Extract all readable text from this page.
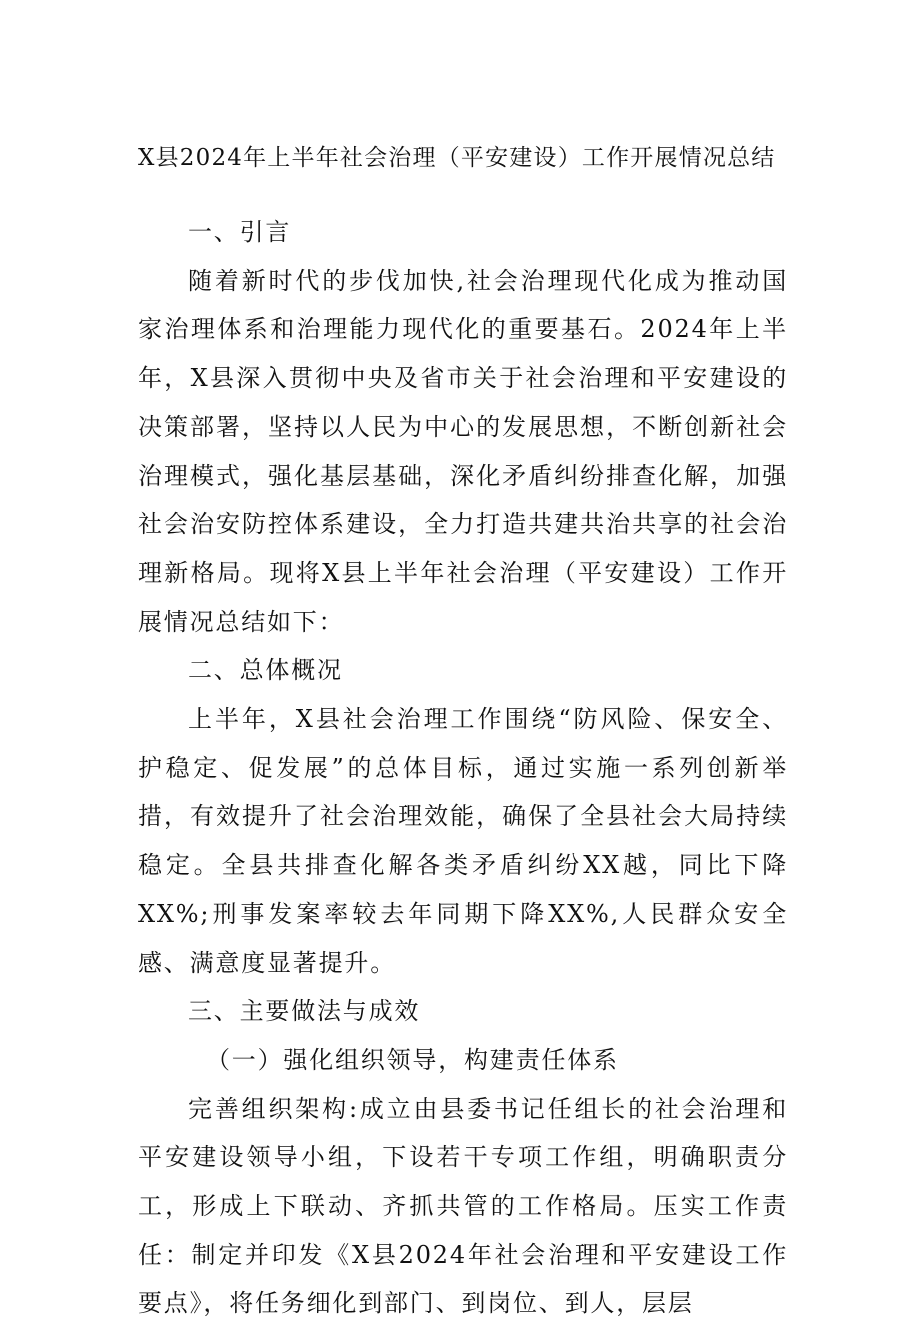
X县2024年上半年社会治理（平安建设）工作开展情况总结

一、引言

随着新时代的步伐加快,社会治理现代化成为推动国家治理体系和治理能力现代化的重要基石。2024年上半年，X县深入贯彻中央及省市关于社会治理和平安建设的决策部署，坚持以人民为中心的发展思想，不断创新社会治理模式，强化基层基础，深化矛盾纠纷排查化解，加强社会治安防控体系建设，全力打造共建共治共享的社会治理新格局。现将X县上半年社会治理（平安建设）工作开展情况总结如下：

二、总体概况

上半年，X县社会治理工作围绕“防风险、保安全、护稳定、促发展”的总体目标，通过实施一系列创新举措，有效提升了社会治理效能，确保了全县社会大局持续稳定。全县共排查化解各类矛盾纠纷XX越，同比下降XX%;刑事发案率较去年同期下降XX%,人民群众安全感、满意度显著提升。

三、主要做法与成效

（一）强化组织领导，构建责任体系

完善组织架构:成立由县委书记任组长的社会治理和平安建设领导小组，下设若干专项工作组，明确职责分工，形成上下联动、齐抓共管的工作格局。压实工作责任：制定并印发《X县2024年社会治理和平安建设工作要点》，将任务细化到部门、到岗位、到人，层层
